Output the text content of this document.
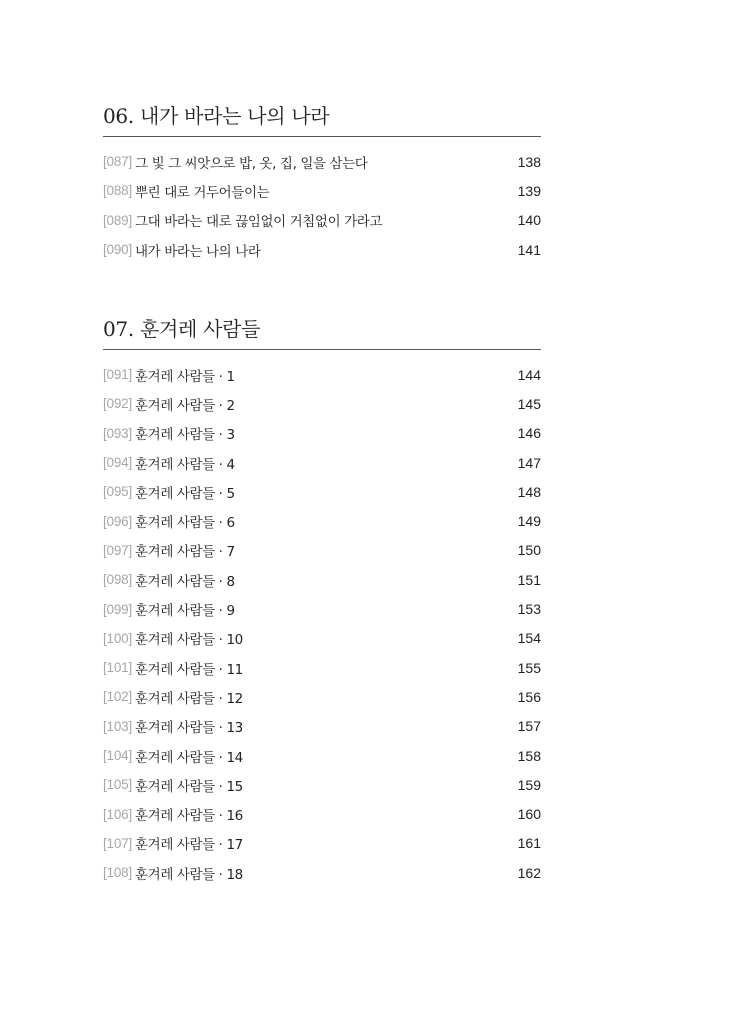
06. 내가 바라는 나의 나라
[087] 그 빛 그 씨앗으로 밥, 옷, 집, 일을 삼는다	138
[088] 뿌린 대로 거두어들이는	139
[089] 그대 바라는 대로 끊임없이 거침없이 가라고	140
[090] 내가 바라는 나의 나라	141
07. 훈겨레 사람들
[091] 훈겨레 사람들 · 1	144
[092] 훈겨레 사람들 · 2	145
[093] 훈겨레 사람들 · 3	146
[094] 훈겨레 사람들 · 4	147
[095] 훈겨레 사람들 · 5	148
[096] 훈겨레 사람들 · 6	149
[097] 훈겨레 사람들 · 7	150
[098] 훈겨레 사람들 · 8	151
[099] 훈겨레 사람들 · 9	153
[100] 훈겨레 사람들 · 10	154
[101] 훈겨레 사람들 · 11	155
[102] 훈겨레 사람들 · 12	156
[103] 훈겨레 사람들 · 13	157
[104] 훈겨레 사람들 · 14	158
[105] 훈겨레 사람들 · 15	159
[106] 훈겨레 사람들 · 16	160
[107] 훈겨레 사람들 · 17	161
[108] 훈겨레 사람들 · 18	162
